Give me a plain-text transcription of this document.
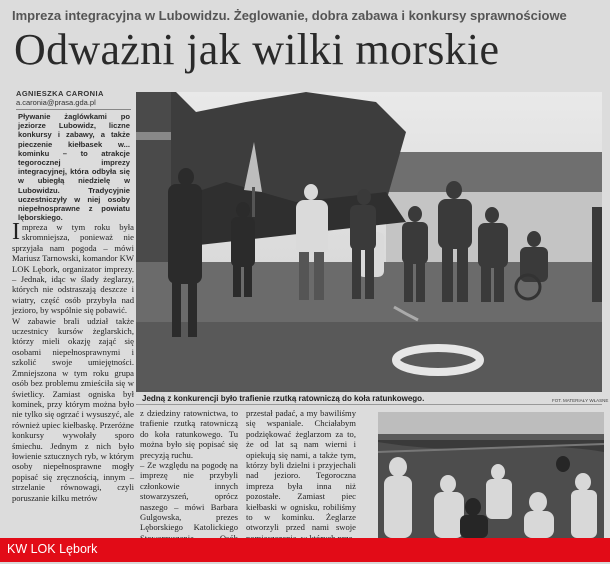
Impreza integracyjna w Lubowidzu. Żeglowanie, dobra zabawa i konkursy sprawnościowe
Odważni jak wilki morskie
AGNIESZKA CARONIA
a.caronia@prasa.gda.pl
Pływanie żaglówkami po jeziorze Lubowidz, liczne konkursy i zabawy, a także pieczenie kiełbasek w... kominku – to atrakcje tegorocznej imprezy integracyjnej, która odbyła się w ubiegłą niedzielę w Lubowidzu. Tradycyjnie uczestniczyły w niej osoby niepełnosprawne z powiatu lęborskiego.
Impreza w tym roku była skromniejsza, ponieważ nie sprzyjała nam pogoda – mówi Mariusz Tarnowski, komandor KW LOK Lębork, organizator imprezy. – Jednak, idąc w ślady żeglarzy, których nie odstraszają deszcze i wiatry, część osób przybyła nad jezioro, by wspólnie się pobawić.
W zabawie brali udział także uczestnicy kursów żeglarskich, którzy mieli okazję zająć się osobami niepełnosprawnymi i szkolić swoje umiejętności. Zmniejszona w tym roku grupa osób bez problemu zmieściła się w świetlicy. Zamiast ogniska był kominek, przy którym można było nie tylko się ogrzać i wysuszyć, ale również upiec kiełbaskę. Przeróżne konkursy wywołały sporo śmiechu. Jednym z nich było łowienie sztucznych ryb, w którym osoby niepełnosprawne mogły popisać się zręcznością, innym – strzelanie równowagi, czyli poruszanie kilku metrów
Jedną z konkurencji było trafienie rzutką ratowniczą do koła ratunkowego.	FOT. MATERIAŁY WŁASNE
z dziedziny ratownictwa, to trafienie rzutką ratowniczą do koła ratunkowego. Tu można było się popisać się precyzją ruchu.
– Ze względu na pogodę na imprezę nie przybyli członkowie innych stowarzyszeń, oprócz naszego – mówi Barbara Gulgowska, prezes Lęborskiego Katolickiego
przestał padać, a my bawiliśmy się wspaniale. Chciałabym podziękować żeglarzom za to, że od lat są nam wierni i opiekują się nami, a także tym, którzy byli dzielni i przyjechali nad jezioro. Tegoroczna impreza była inna niż pozostałe. Zamiast piec kiełbaski w ognisku, robiliśmy to w kominku. Żeglarze otworzyli przed nami swoje
KW LOK Lębork
